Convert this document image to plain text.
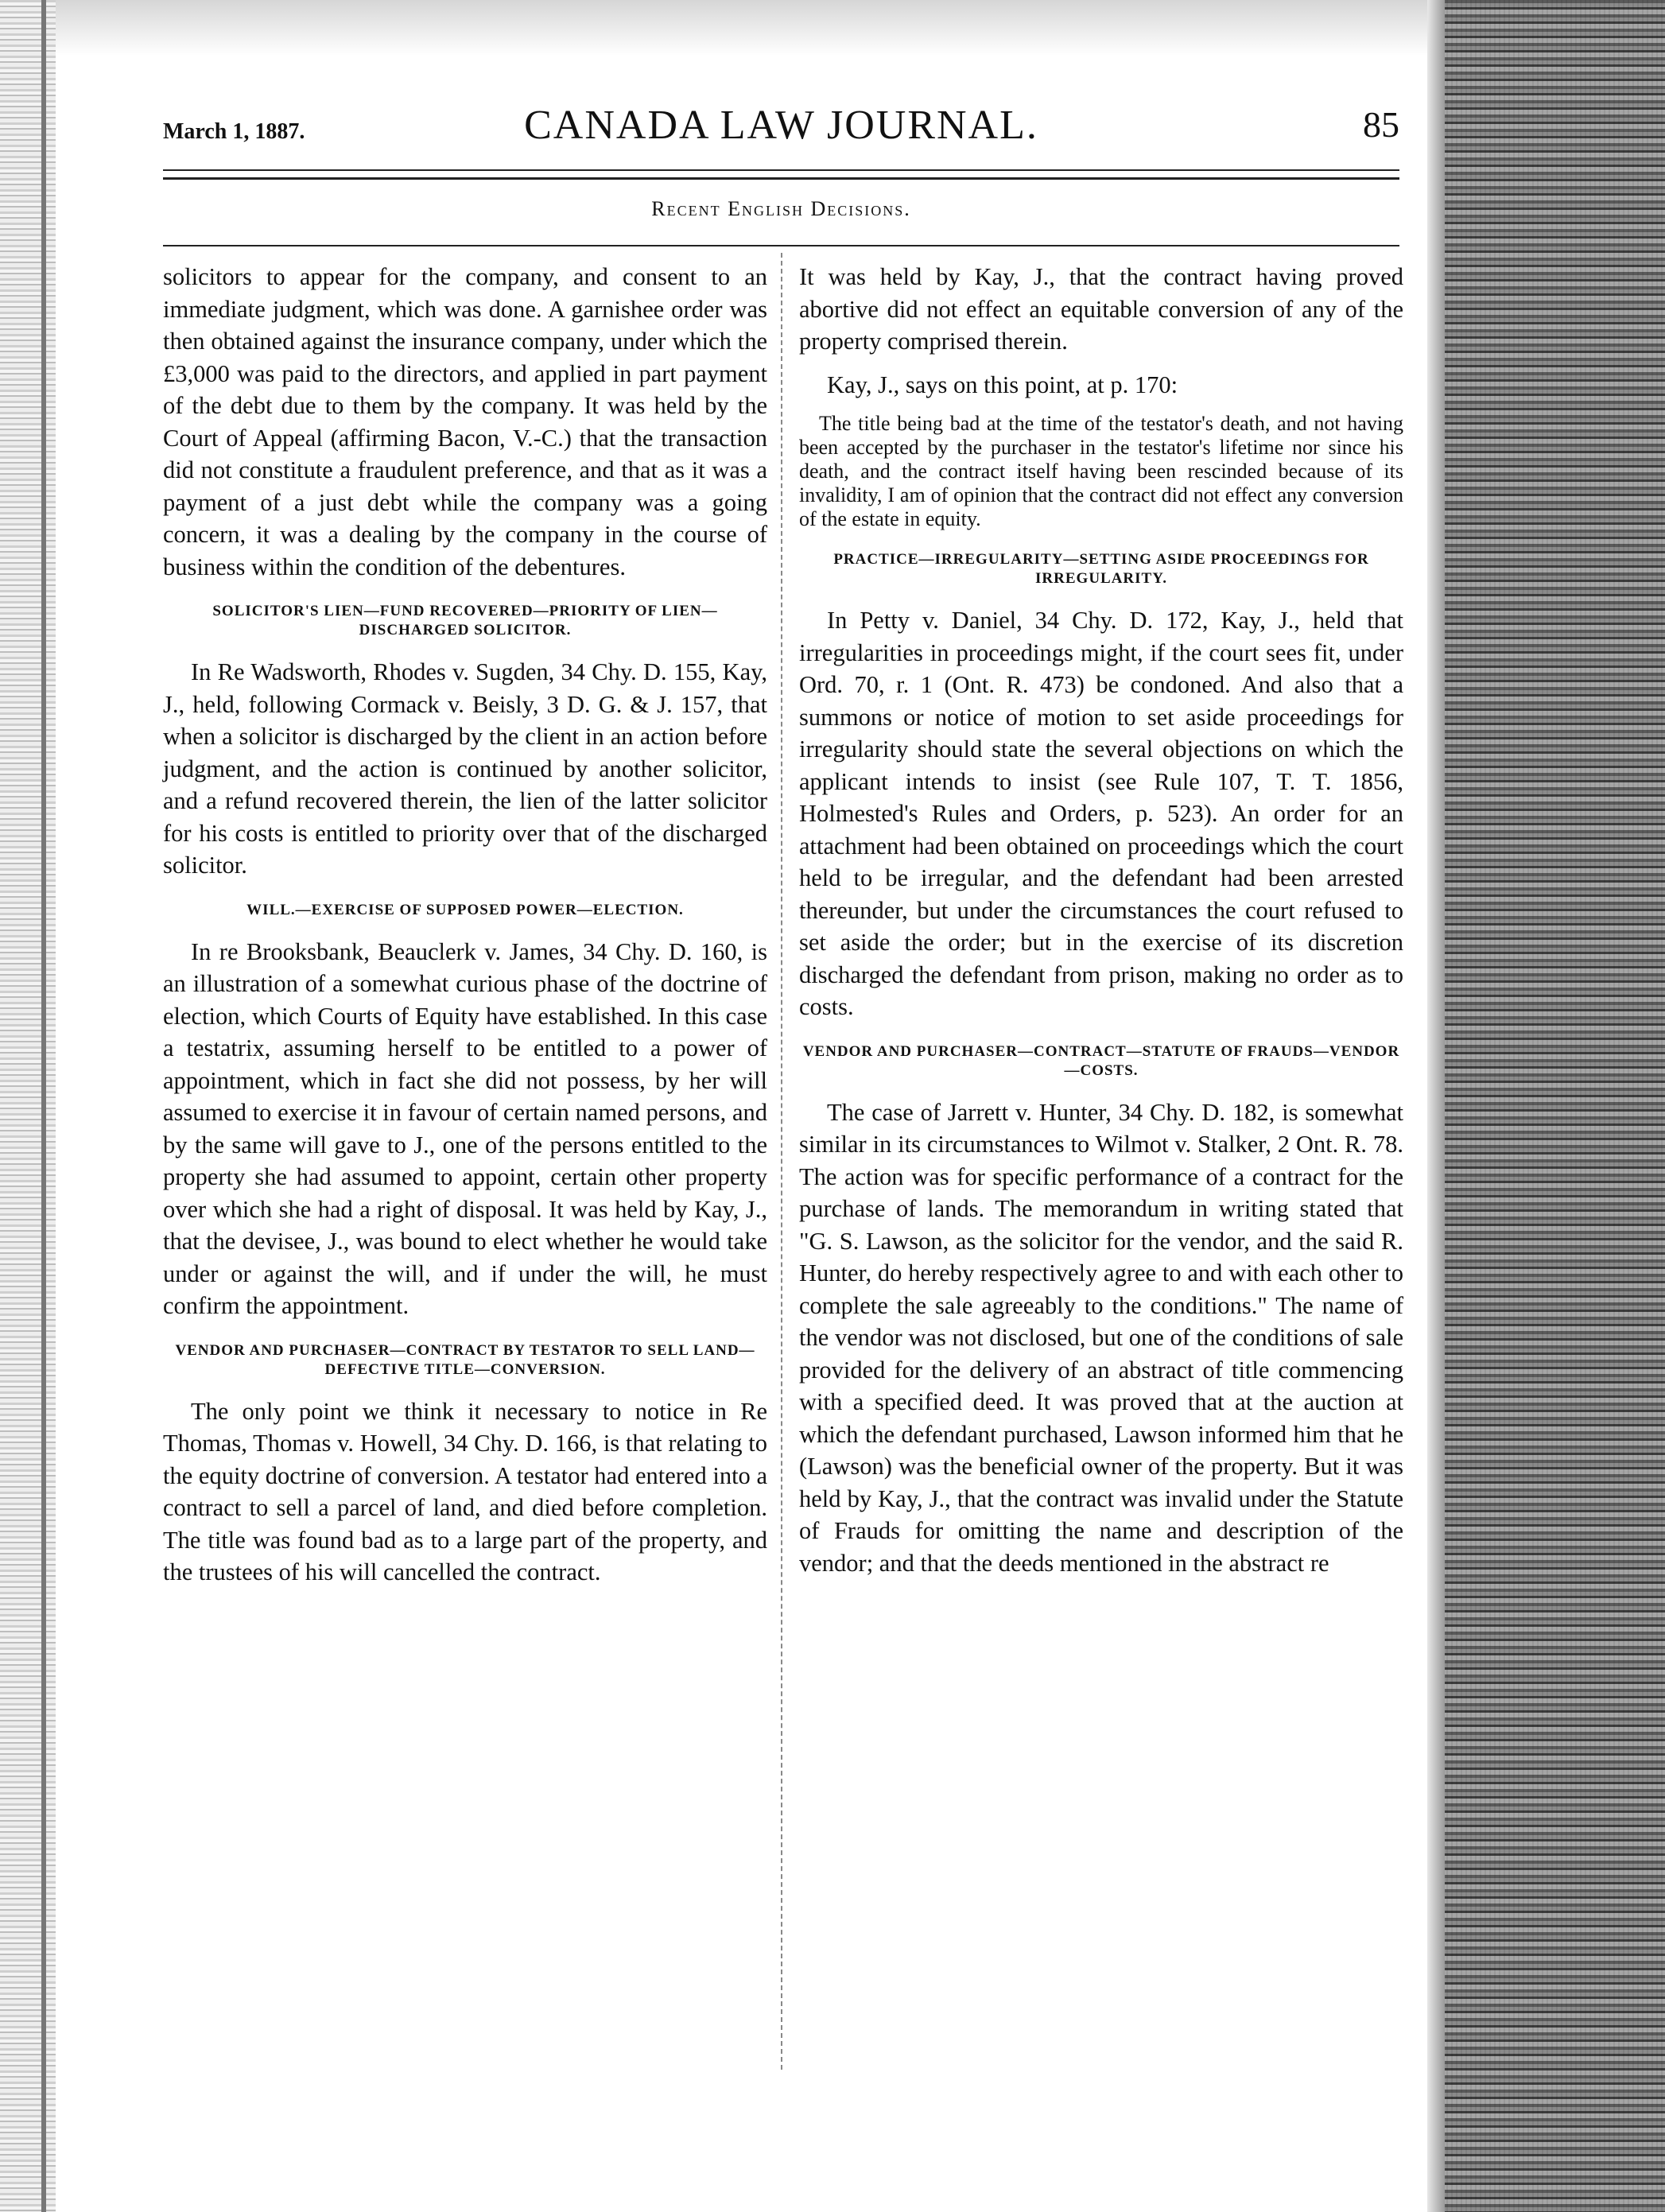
March 1, 1887.	CANADA LAW JOURNAL.	85
Recent English Decisions.

solicitors to appear for the company, and consent to an immediate judgment, which was done. A garnishee order was then obtained against the insurance company, under which the £3,000 was paid to the directors, and applied in part payment of the debt due to them by the company. It was held by the Court of Appeal (affirming Bacon, V.-C.) that the transaction did not constitute a fraudulent preference, and that as it was a payment of a just debt while the company was a going concern, it was a dealing by the company in the course of business within the condition of the debentures.

SOLICITOR'S LIEN—FUND RECOVERED—PRIORITY OF LIEN—DISCHARGED SOLICITOR.

In Re Wadsworth, Rhodes v. Sugden, 34 Chy. D. 155, Kay, J., held, following Cormack v. Beisly, 3 D. G. & J. 157, that when a solicitor is discharged by the client in an action before judgment, and the action is continued by another solicitor, and a refund recovered therein, the lien of the latter solicitor for his costs is entitled to priority over that of the discharged solicitor.

WILL.—EXERCISE OF SUPPOSED POWER—ELECTION.

In re Brooksbank, Beauclerk v. James, 34 Chy. D. 160, is an illustration of a somewhat curious phase of the doctrine of election, which Courts of Equity have established. In this case a testatrix, assuming herself to be entitled to a power of appointment, which in fact she did not possess, by her will assumed to exercise it in favour of certain named persons, and by the same will gave to J., one of the persons entitled to the property she had assumed to appoint, certain other property over which she had a right of disposal. It was held by Kay, J., that the devisee, J., was bound to elect whether he would take under or against the will, and if under the will, he must confirm the appointment.

VENDOR AND PURCHASER—CONTRACT BY TESTATOR TO SELL LAND—DEFECTIVE TITLE—CONVERSION.

The only point we think it necessary to notice in Re Thomas, Thomas v. Howell, 34 Chy. D. 166, is that relating to the equity doctrine of conversion. A testator had entered into a contract to sell a parcel of land, and died before completion. The title was found bad as to a large part of the property, and the trustees of his will cancelled the contract.

It was held by Kay, J., that the contract having proved abortive did not effect an equitable conversion of any of the property comprised therein.

Kay, J., says on this point, at p. 170:

The title being bad at the time of the testator's death, and not having been accepted by the purchaser in the testator's lifetime nor since his death, and the contract itself having been rescinded because of its invalidity, I am of opinion that the contract did not effect any conversion of the estate in equity.

PRACTICE—IRREGULARITY—SETTING ASIDE PROCEEDINGS FOR IRREGULARITY.

In Petty v. Daniel, 34 Chy. D. 172, Kay, J., held that irregularities in proceedings might, if the court sees fit, under Ord. 70, r. 1 (Ont. R. 473) be condoned. And also that a summons or notice of motion to set aside proceedings for irregularity should state the several objections on which the applicant intends to insist (see Rule 107, T. T. 1856, Holmested's Rules and Orders, p. 523). An order for an attachment had been obtained on proceedings which the court held to be irregular, and the defendant had been arrested thereunder, but under the circumstances the court refused to set aside the order; but in the exercise of its discretion discharged the defendant from prison, making no order as to costs.

VENDOR AND PURCHASER—CONTRACT—STATUTE OF FRAUDS—VENDOR—COSTS.

The case of Jarrett v. Hunter, 34 Chy. D. 182, is somewhat similar in its circumstances to Wilmot v. Stalker, 2 Ont. R. 78. The action was for specific performance of a contract for the purchase of lands. The memorandum in writing stated that "G. S. Lawson, as the solicitor for the vendor, and the said R. Hunter, do hereby respectively agree to and with each other to complete the sale agreeably to the conditions." The name of the vendor was not disclosed, but one of the conditions of sale provided for the delivery of an abstract of title commencing with a specified deed. It was proved that at the auction at which the defendant purchased, Lawson informed him that he (Lawson) was the beneficial owner of the property. But it was held by Kay, J., that the contract was invalid under the Statute of Frauds for omitting the name and description of the vendor; and that the deeds mentioned in the abstract re
